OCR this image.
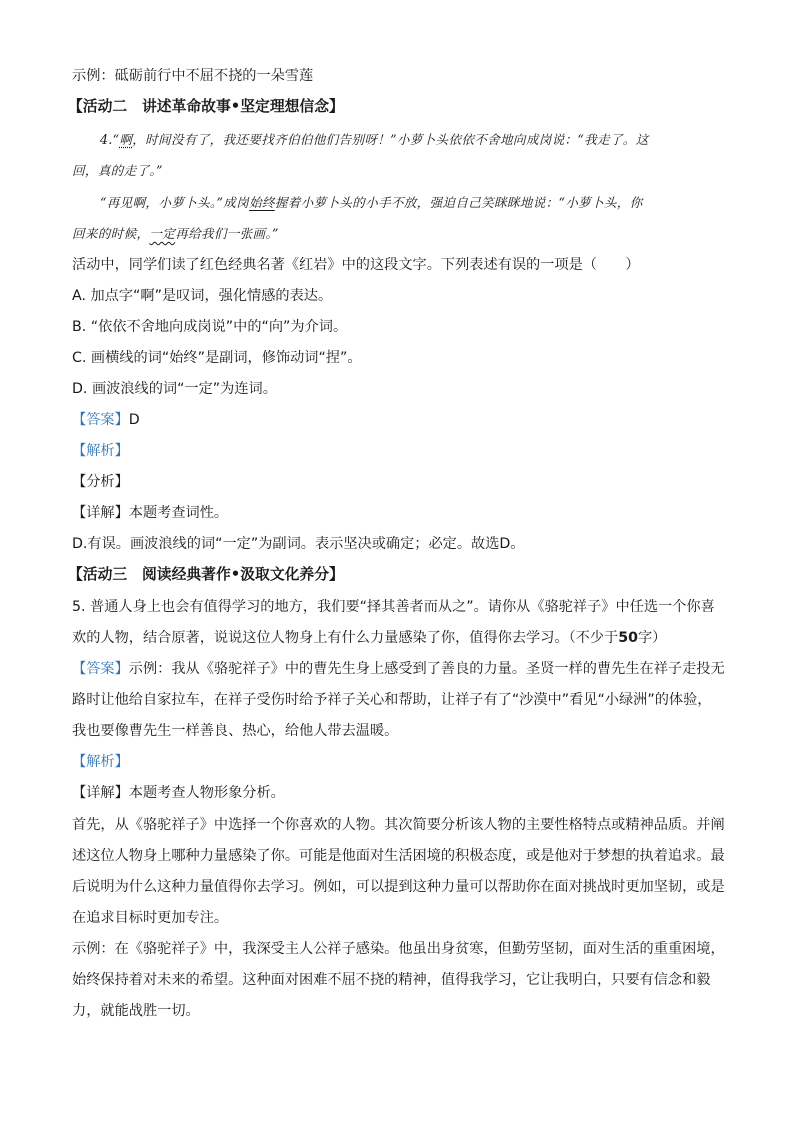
示例：砥砺前行中不屈不挠的一朵雪莲
【活动二　讲述革命故事•坚定理想信念】
4.“啊，时间没有了，我还要找齐伯伯他们告别呀！”小萝卜头依依不舍地向成岗说：“我走了。这
回，真的走了。”
“再见啊，小萝卜头。”成岗始终握着小萝卜头的小手不放，强迫自己笑眯眯地说：“小萝卜头，你
回来的时候，一定再给我们一张画。”
活动中，同学们读了红色经典名著《红岩》中的这段文字。下列表述有误的一项是（　　）
A. 加点字“啊”是叹词，强化情感的表达。
B. “依依不舍地向成岗说”中的“向”为介词。
C. 画横线的词“始终”是副词，修饰动词“捏”。
D. 画波浪线的词“一定”为连词。
【答案】D
【解析】
【分析】
【详解】本题考查词性。
D.有误。画波浪线的词“一定”为副词。表示坚决或确定；必定。故选D。
【活动三　阅读经典著作•汲取文化养分】
5. 普通人身上也会有值得学习的地方，我们要“择其善者而从之”。请你从《骆驼祥子》中任选一个你喜
欢的人物，结合原著，说说这位人物身上有什么力量感染了你，值得你去学习。（不少于50字）
【答案】示例：我从《骆驼祥子》中的曹先生身上感受到了善良的力量。圣贤一样的曹先生在祥子走投无
路时让他给自家拉车，在祥子受伤时给予祥子关心和帮助，让祥子有了“沙漠中”看见“小绿洲”的体验，
我也要像曹先生一样善良、热心，给他人带去温暖。
【解析】
【详解】本题考查人物形象分析。
首先，从《骆驼祥子》中选择一个你喜欢的人物。其次简要分析该人物的主要性格特点或精神品质。并阐
述这位人物身上哪种力量感染了你。可能是他面对生活困境的积极态度，或是他对于梦想的执着追求。最
后说明为什么这种力量值得你去学习。例如，可以提到这种力量可以帮助你在面对挑战时更加坚韧，或是
在追求目标时更加专注。
示例：在《骆驼祥子》中，我深受主人公祥子感染。他虽出身贫寒，但勤劳坚韧，面对生活的重重困境，
始终保持着对未来的希望。这种面对困难不屈不挠的精神，值得我学习，它让我明白，只要有信念和毅
力，就能战胜一切。
